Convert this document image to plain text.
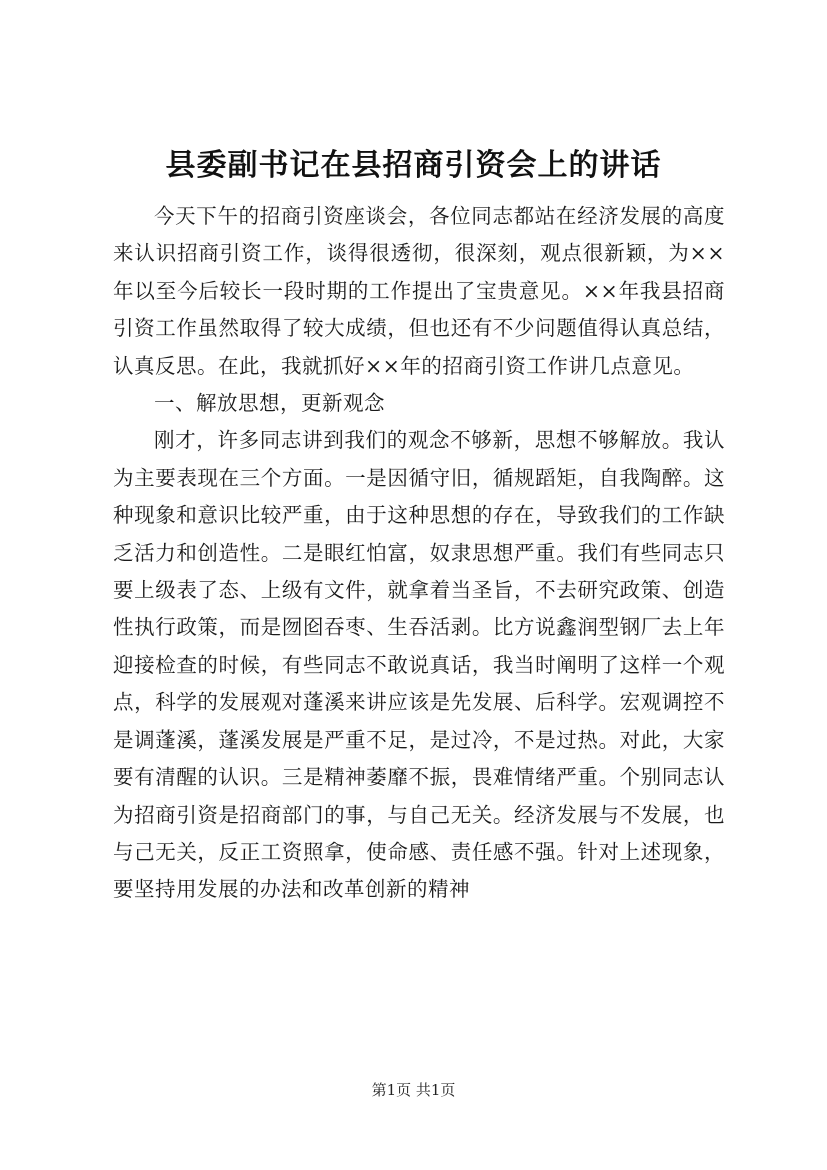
县委副书记在县招商引资会上的讲话

今天下午的招商引资座谈会，各位同志都站在经济发展的高度来认识招商引资工作，谈得很透彻，很深刻，观点很新颖，为××年以至今后较长一段时期的工作提出了宝贵意见。××年我县招商引资工作虽然取得了较大成绩，但也还有不少问题值得认真总结，认真反思。在此，我就抓好××年的招商引资工作讲几点意见。

一、解放思想，更新观念

刚才，许多同志讲到我们的观念不够新，思想不够解放。我认为主要表现在三个方面。一是因循守旧，循规蹈矩，自我陶醉。这种现象和意识比较严重，由于这种思想的存在，导致我们的工作缺乏活力和创造性。二是眼红怕富，奴隶思想严重。我们有些同志只要上级表了态、上级有文件，就拿着当圣旨，不去研究政策、创造性执行政策，而是囫囵吞枣、生吞活剥。比方说鑫润型钢厂去上年迎接检查的时候，有些同志不敢说真话，我当时阐明了这样一个观点，科学的发展观对蓬溪来讲应该是先发展、后科学。宏观调控不是调蓬溪，蓬溪发展是严重不足，是过冷，不是过热。对此，大家要有清醒的认识。三是精神萎靡不振，畏难情绪严重。个别同志认为招商引资是招商部门的事，与自己无关。经济发展与不发展，也与己无关，反正工资照拿，使命感、责任感不强。针对上述现象，要坚持用发展的办法和改革创新的精神

第1页 共1页
